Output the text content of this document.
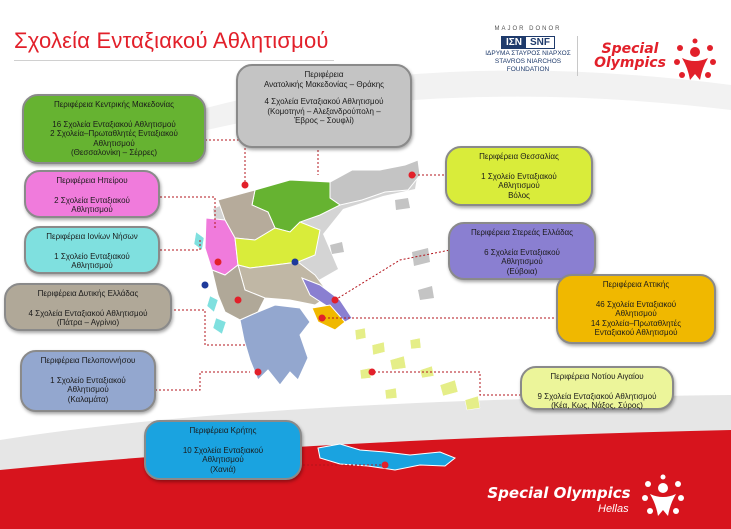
Σχολεία Ενταξιακού Αθλητισμού	MAJOR DONOR
ΙΣΝ SNF
ΙΔΡΥΜΑ ΣΤΑΥΡΟΣ ΝΙΑΡΧΟΣ
STAVROS NIARCHOS
FOUNDATION
Special
Olympics
Special Olympics
Hellas
Περιφέρεια Κεντρικής Μακεδονίας
16 Σχολεία Ενταξιακού Αθλητισμού
2 Σχολεία–Πρωταθλητές Ενταξιακού Αθλητισμού
(Θεσσαλονίκη – Σέρρες)
Περιφέρεια
Ανατολικής Μακεδονίας – Θράκης
4 Σχολεία Ενταξιακού Αθλητισμού
(Κομοτηνή – Αλεξανδρούπολη –
Έβρος – Σουφλί)
Περιφέρεια Ηπείρου
2 Σχολεία Ενταξιακού
Αθλητισμού
Περιφέρεια Ιονίων Νήσων
1 Σχολείο Ενταξιακού
Αθλητισμού
Περιφέρεια Δυτικής Ελλάδας
4 Σχολεία Ενταξιακού Αθλητισμού
(Πάτρα – Αγρίνιο)
Περιφέρεια Πελοποννήσου
1 Σχολείο Ενταξιακού
Αθλητισμού
(Καλαμάτα)
Περιφέρεια Κρήτης
10 Σχολεία Ενταξιακού
Αθλητισμού
(Χανιά)
Περιφέρεια Θεσσαλίας
1 Σχολείο Ενταξιακού
Αθλητισμού
Βόλος
Περιφέρεια Στερεάς Ελλάδας
6 Σχολεία Ενταξιακού
Αθλητισμού
(Εύβοια)
Περιφέρεια Αττικής
46 Σχολεία Ενταξιακού
Αθλητισμού
14 Σχολεία–Πρωταθλητές
Ενταξιακού Αθλητισμού
Περιφέρεια Νοτίου Αιγαίου
9 Σχολεία Ενταξιακού Αθλητισμού
(Κέα, Κως, Νάξος, Σύρος)
